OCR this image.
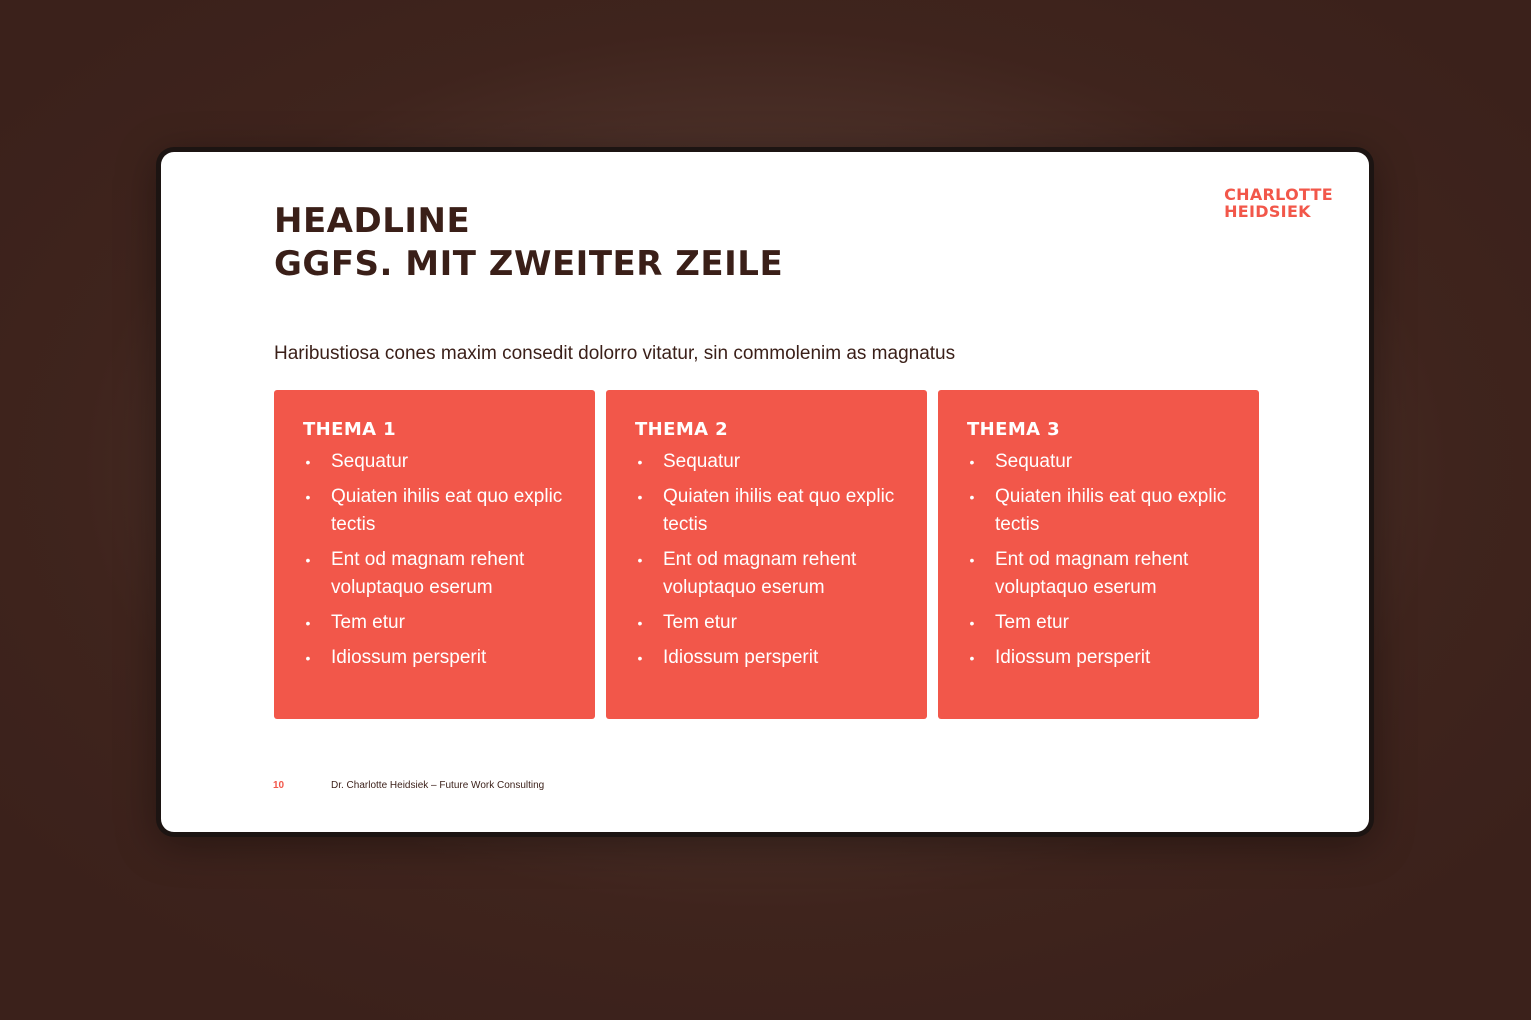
HEADLINE
GGFS. MIT ZWEITER ZEILE
CHARLOTTE
HEIDSIEK

Haribustiosa cones maxim consedit dolorro vitatur, sin commolenim as magnatus

THEMA 1
• Sequatur
• Quiaten ihilis eat quo explic tectis
• Ent od magnam rehent voluptaquo eserum
• Tem etur
• Idiossum persperit
THEMA 2
• Sequatur
• Quiaten ihilis eat quo explic tectis
• Ent od magnam rehent voluptaquo eserum
• Tem etur
• Idiossum persperit
THEMA 3
• Sequatur
• Quiaten ihilis eat quo explic tectis
• Ent od magnam rehent voluptaquo eserum
• Tem etur
• Idiossum persperit
10	Dr. Charlotte Heidsiek – Future Work Consulting
